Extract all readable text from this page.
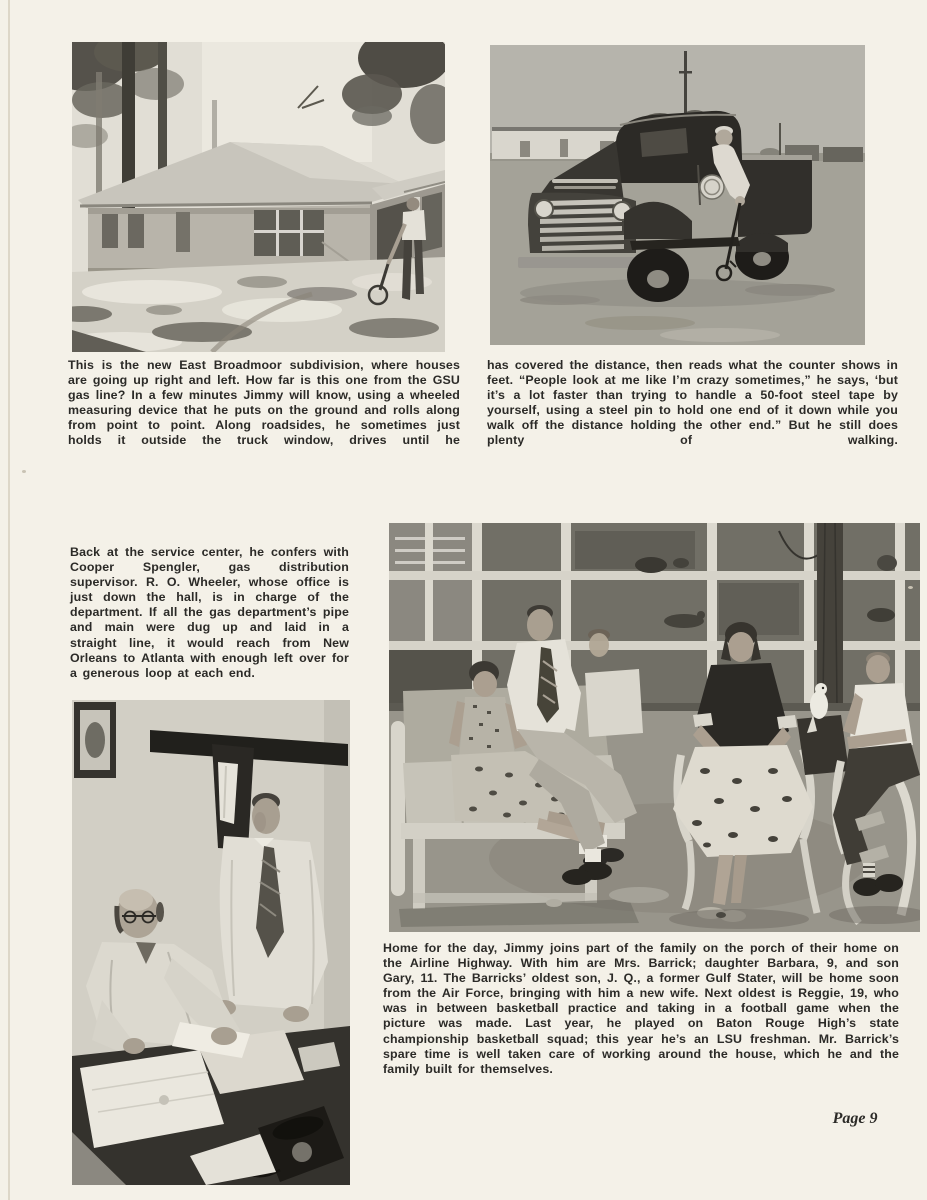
This is the new East Broadmoor subdivision, where houses are going up right and left. How far is this one from the GSU gas line? In a few minutes Jimmy will know, using a wheeled measuring device that he puts on the ground and rolls along from point to point. Along roadsides, he sometimes just holds it outside the truck window, drives until he

has covered the distance, then reads what the counter shows in feet. “People look at me like I’m crazy sometimes,” he says, ‘but it’s a lot faster than trying to handle a 50-foot steel tape by yourself, using a steel pin to hold one end of it down while you walk off the distance holding the other end.” But he still does plenty of walking.

Back at the service center, he confers with Cooper Spengler, gas distribution supervisor. R. O. Wheeler, whose office is just down the hall, is in charge of the department. If all the gas department’s pipe and main were dug up and laid in a straight line, it would reach from New Orleans to Atlanta with enough left over for a generous loop at each end.

Home for the day, Jimmy joins part of the family on the porch of their home on the Airline Highway. With him are Mrs. Barrick; daughter Barbara, 9, and son Gary, 11. The Barricks’ oldest son, J. Q., a former Gulf Stater, will be home soon from the Air Force, bringing with him a new wife. Next oldest is Reggie, 19, who was in between basketball practice and taking in a football game when the picture was made. Last year, he played on Baton Rouge High’s state championship basketball squad; this year he’s an LSU freshman. Mr. Barrick’s spare time is well taken care of working around the house, which he and the family built for themselves.

Page 9
